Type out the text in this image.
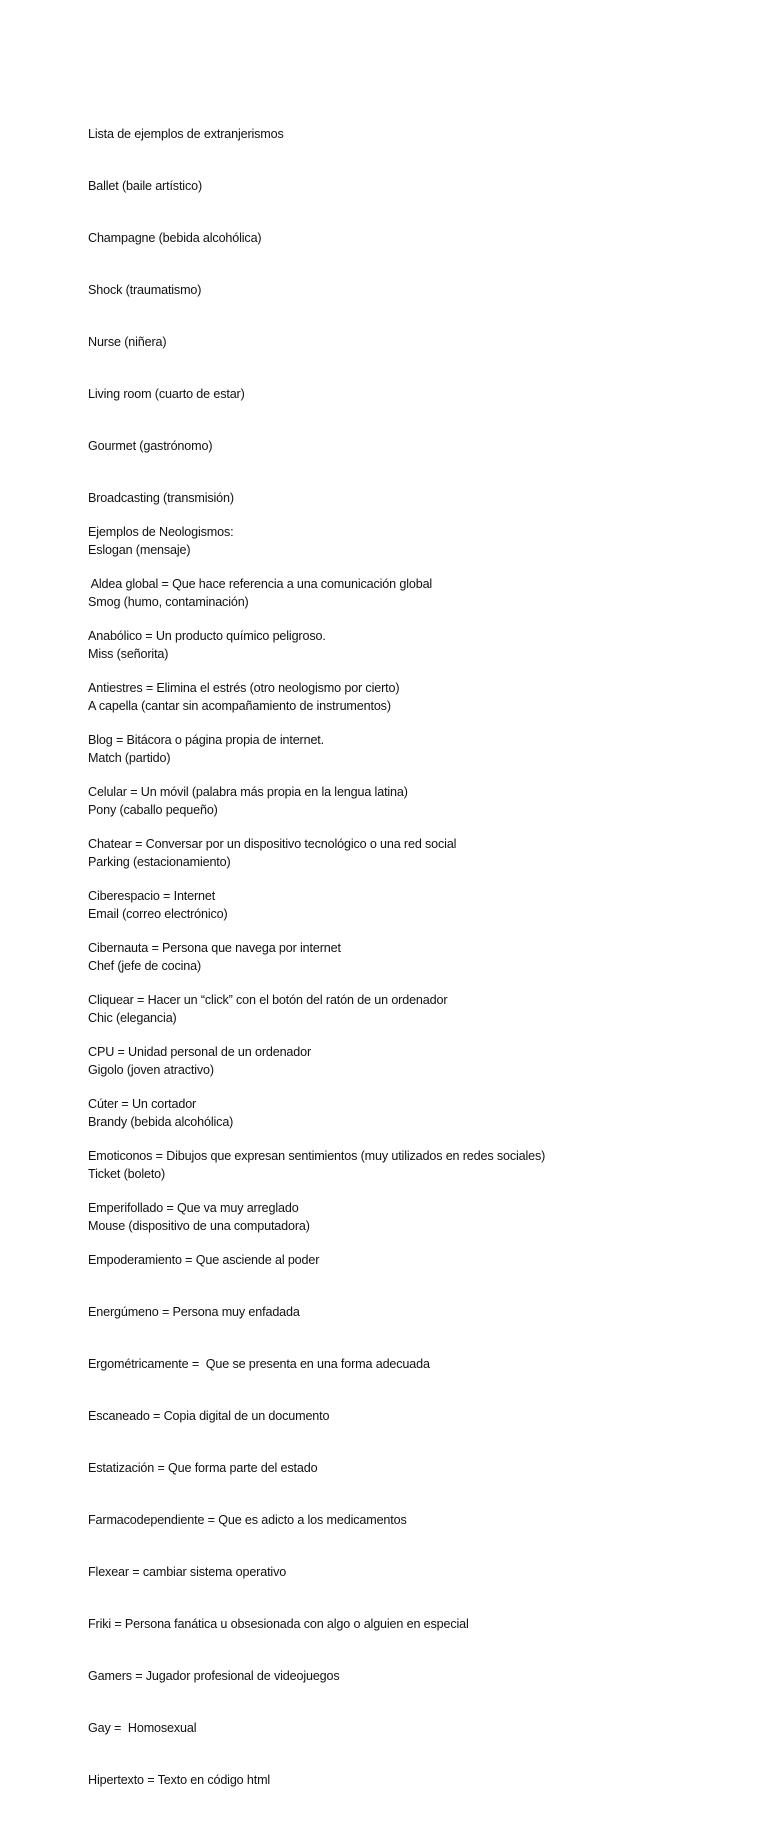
Lista de ejemplos de extranjerismos

Ballet (baile artístico)

Champagne (bebida alcohólica)

Shock (traumatismo)

Nurse (niñera)

Living room (cuarto de estar)

Gourmet (gastrónomo)

Broadcasting (transmisión)

Eslogan (mensaje)

Smog (humo, contaminación)

Miss (señorita)

A capella (cantar sin acompañamiento de instrumentos)

Match (partido)

Pony (caballo pequeño)

Parking (estacionamiento)

Email (correo electrónico)

Chef (jefe de cocina)

Chic (elegancia)

Gigolo (joven atractivo)

Brandy (bebida alcohólica)

Ticket (boleto)

Mouse (dispositivo de una computadora)

Ejemplos de Neologismos:

Aldea global = Que hace referencia a una comunicación global

Anabólico = Un producto químico peligroso.

Antiestres = Elimina el estrés (otro neologismo por cierto)

Blog = Bitácora o página propia de internet.

Celular = Un móvil (palabra más propia en la lengua latina)

Chatear = Conversar por un dispositivo tecnológico o una red social

Ciberespacio = Internet

Cibernauta = Persona que navega por internet

Cliquear = Hacer un “click” con el botón del ratón de un ordenador

CPU = Unidad personal de un ordenador

Cúter = Un cortador

Emoticonos = Dibujos que expresan sentimientos (muy utilizados en redes sociales)

Emperifollado = Que va muy arreglado

Empoderamiento = Que asciende al poder

Energúmeno = Persona muy enfadada

Ergométricamente =  Que se presenta en una forma adecuada

Escaneado = Copia digital de un documento

Estatización = Que forma parte del estado

Farmacodependiente = Que es adicto a los medicamentos

Flexear = cambiar sistema operativo

Friki = Persona fanática u obsesionada con algo o alguien en especial

Gamers = Jugador profesional de videojuegos

Gay =  Homosexual

Hipertexto = Texto en código html
